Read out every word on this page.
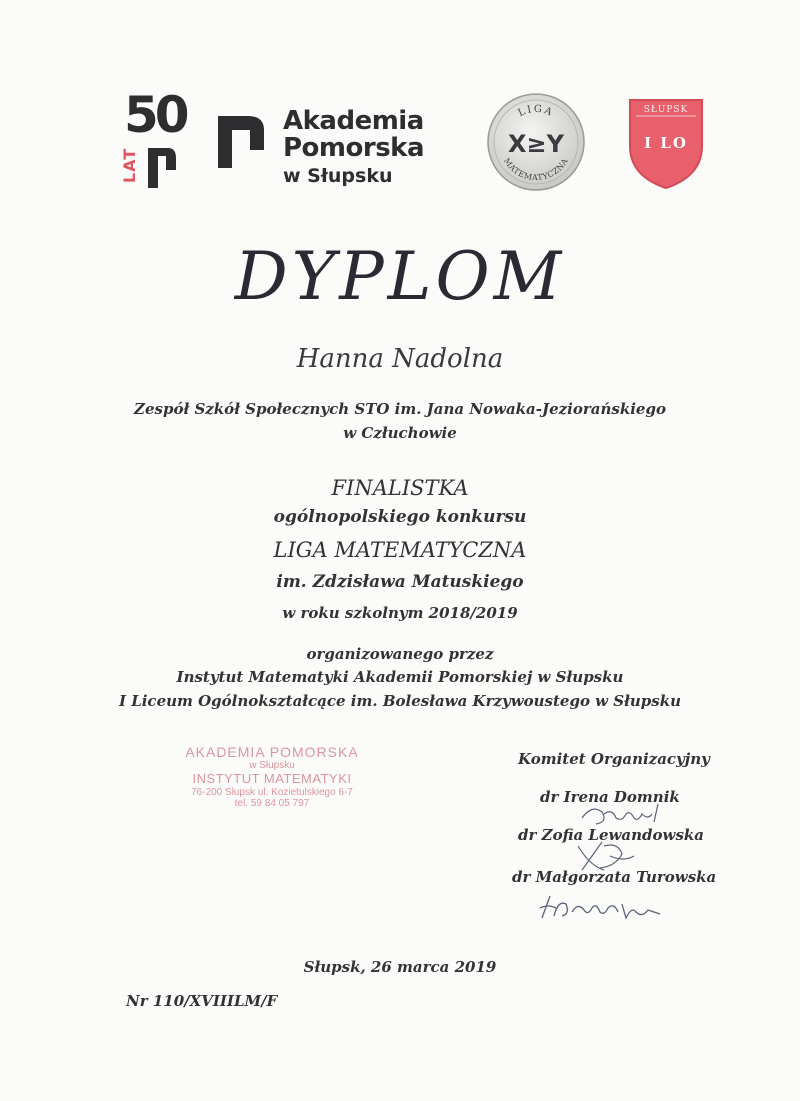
50
LAT
Akademia
Pomorska
w Słupsku
LIGA
X≥Y
MATEMATYCZNA
SŁUPSK
I LO
DYPLOM
Hanna Nadolna
Zespół Szkół Społecznych STO im. Jana Nowaka-Jeziorańskiego
w Człuchowie
FINALISTKA
ogólnopolskiego konkursu
LIGA MATEMATYCZNA
im. Zdzisława Matuskiego
w roku szkolnym 2018/2019
organizowanego przez
Instytut Matematyki Akademii Pomorskiej w Słupsku
I Liceum Ogólnokształcące im. Bolesława Krzywoustego w Słupsku
AKADEMIA POMORSKA
w Słupsku
INSTYTUT MATEMATYKI
76-200 Słupsk ul. Kozietulskiego 6-7
tel. 59 84 05 797
Komitet Organizacyjny
dr Irena Domnik
dr Zofia Lewandowska
dr Małgorzata Turowska
Słupsk, 26 marca 2019
Nr 110/XVIIILM/F
